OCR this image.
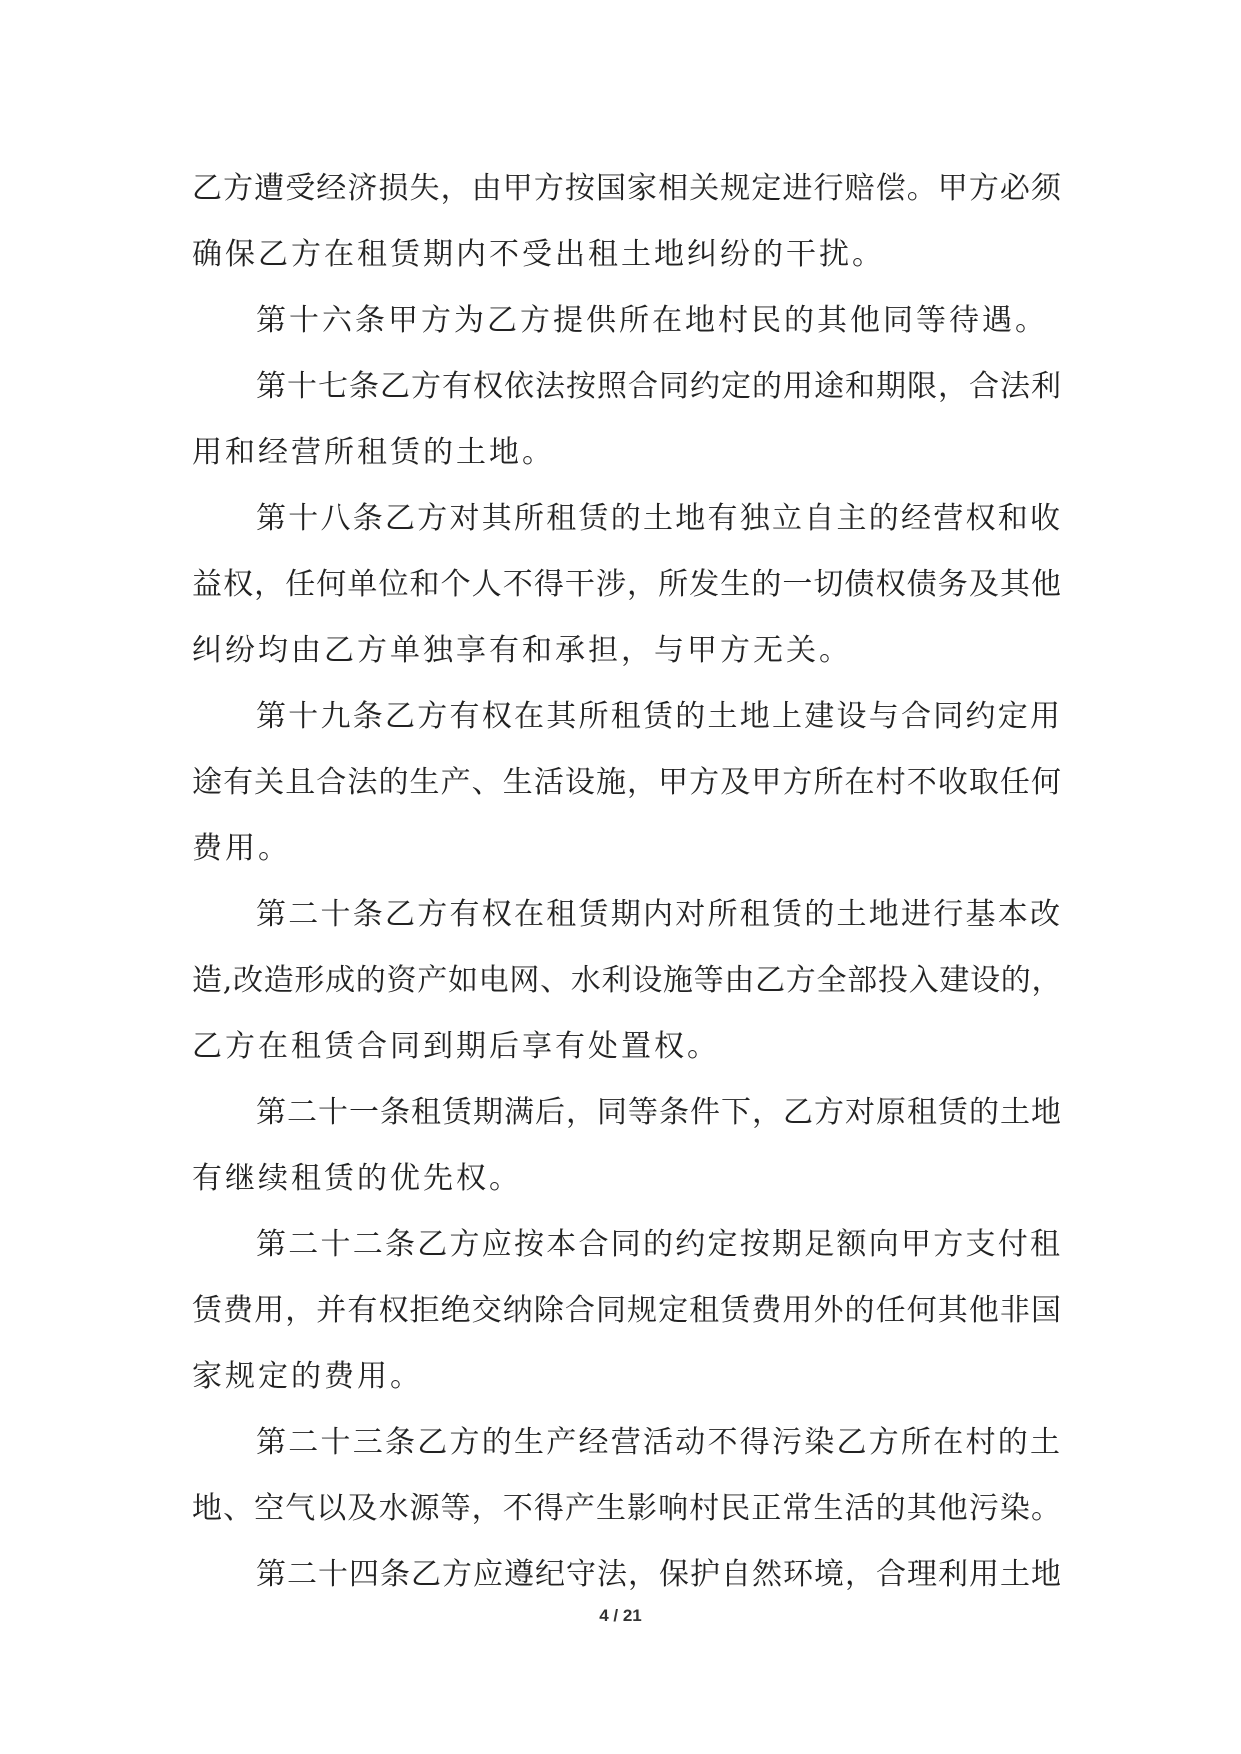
乙方遭受经济损失，由甲方按国家相关规定进行赔偿。甲方必须
确保乙方在租赁期内不受出租土地纠纷的干扰。
第十六条甲方为乙方提供所在地村民的其他同等待遇。
第十七条乙方有权依法按照合同约定的用途和期限，合法利
用和经营所租赁的土地。
第十八条乙方对其所租赁的土地有独立自主的经营权和收
益权，任何单位和个人不得干涉，所发生的一切债权债务及其他
纠纷均由乙方单独享有和承担，与甲方无关。
第十九条乙方有权在其所租赁的土地上建设与合同约定用
途有关且合法的生产、生活设施，甲方及甲方所在村不收取任何
费用。
第二十条乙方有权在租赁期内对所租赁的土地进行基本改
造,改造形成的资产如电网、水利设施等由乙方全部投入建设的，
乙方在租赁合同到期后享有处置权。
第二十一条租赁期满后，同等条件下，乙方对原租赁的土地
有继续租赁的优先权。
第二十二条乙方应按本合同的约定按期足额向甲方支付租
赁费用，并有权拒绝交纳除合同规定租赁费用外的任何其他非国
家规定的费用。
第二十三条乙方的生产经营活动不得污染乙方所在村的土
地、空气以及水源等，不得产生影响村民正常生活的其他污染。
第二十四条乙方应遵纪守法，保护自然环境，合理利用土地
4 / 21
